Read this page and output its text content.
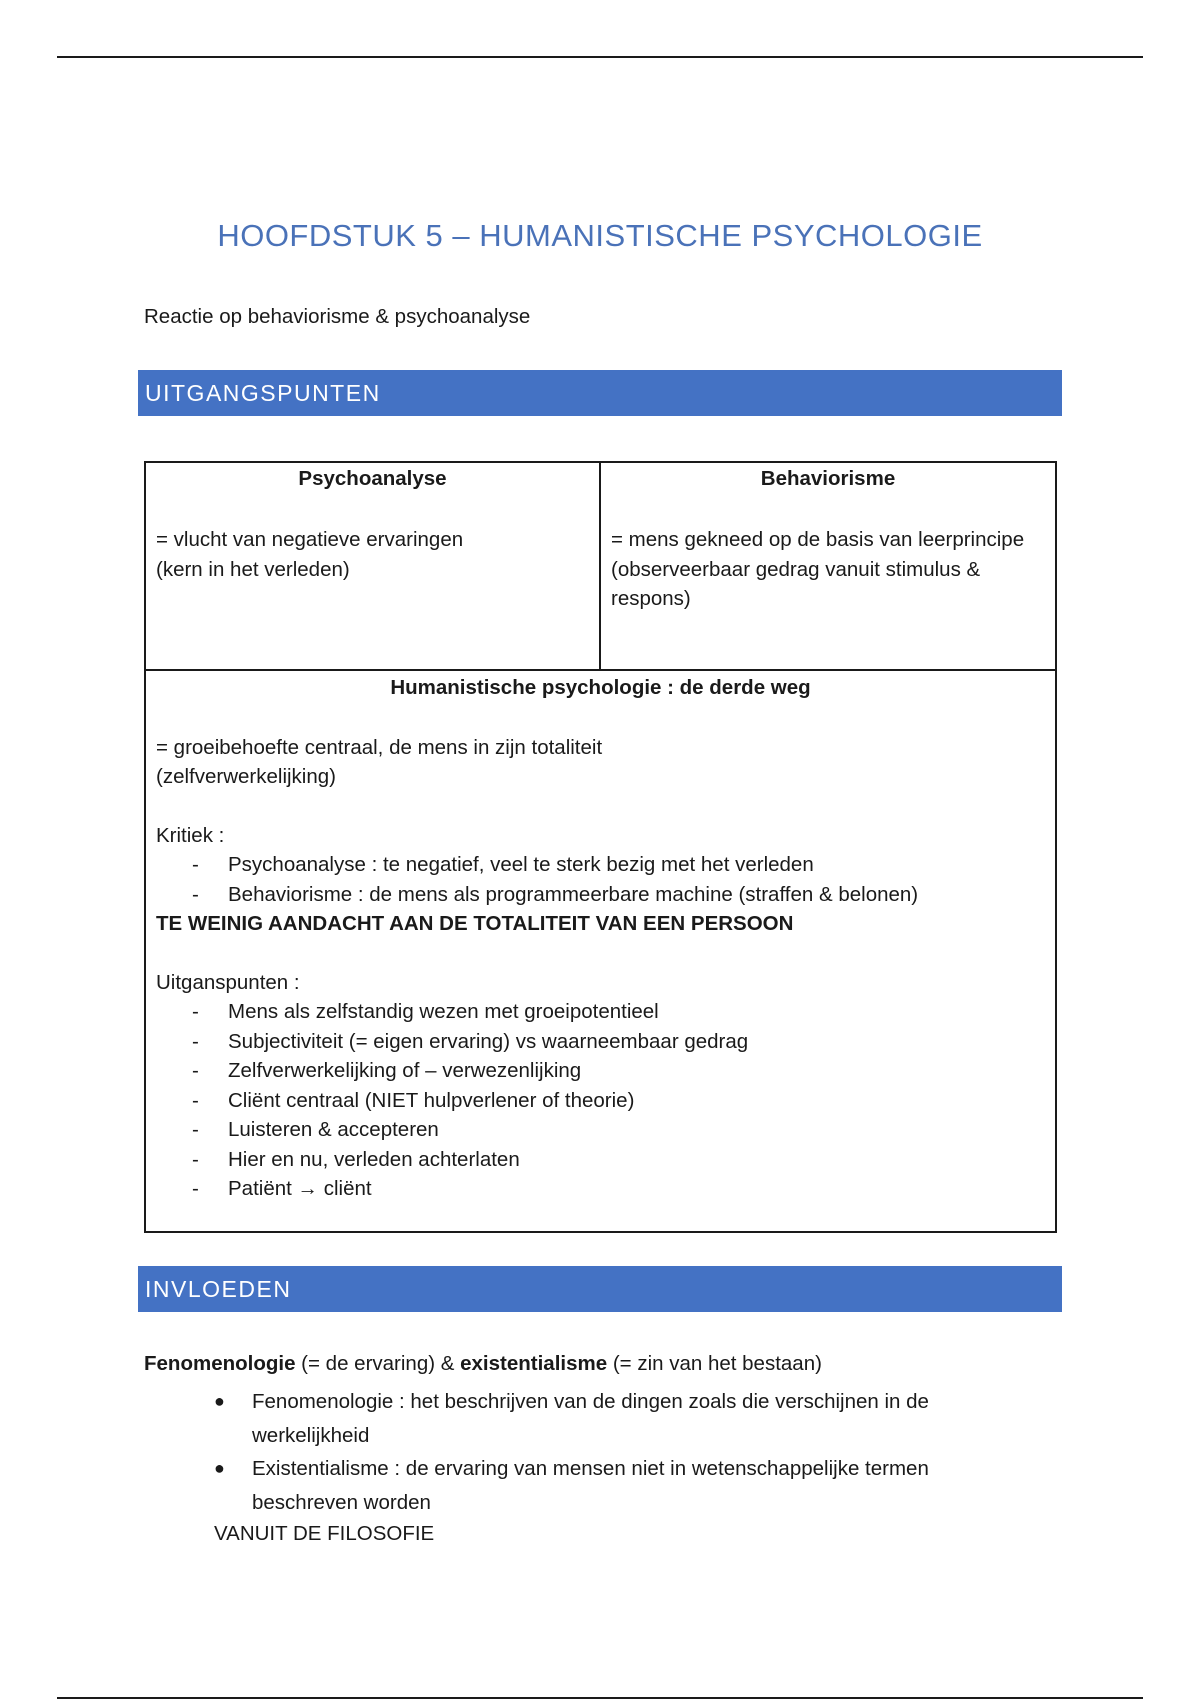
HOOFDSTUK 5 – HUMANISTISCHE PSYCHOLOGIE
Reactie op behaviorisme & psychoanalyse
UITGANGSPUNTEN
Psychoanalyse
= vlucht van negatieve ervaringen
(kern in het verleden)
Behaviorisme
= mens gekneed op de basis van leerprincipe
(observeerbaar gedrag vanuit stimulus & respons)
Humanistische psychologie : de derde weg
= groeibehoefte centraal, de mens in zijn totaliteit
(zelfverwerkelijking)
Kritiek :
- Psychoanalyse : te negatief, veel te sterk bezig met het verleden
- Behaviorisme : de mens als programmeerbare machine (straffen & belonen)
TE WEINIG AANDACHT AAN DE TOTALITEIT VAN EEN PERSOON
Uitganspunten :
- Mens als zelfstandig wezen met groeipotentieel
- Subjectiviteit (= eigen ervaring) vs waarneembaar gedrag
- Zelfverwerkelijking of – verwezenlijking
- Cliënt centraal (NIET hulpverlener of theorie)
- Luisteren & accepteren
- Hier en nu, verleden achterlaten
- Patiënt → cliënt
INVLOEDEN
Fenomenologie (= de ervaring) & existentialisme (= zin van het bestaan)
● Fenomenologie : het beschrijven van de dingen zoals die verschijnen in de werkelijkheid
● Existentialisme : de ervaring van mensen niet in wetenschappelijke termen beschreven worden
VANUIT DE FILOSOFIE
